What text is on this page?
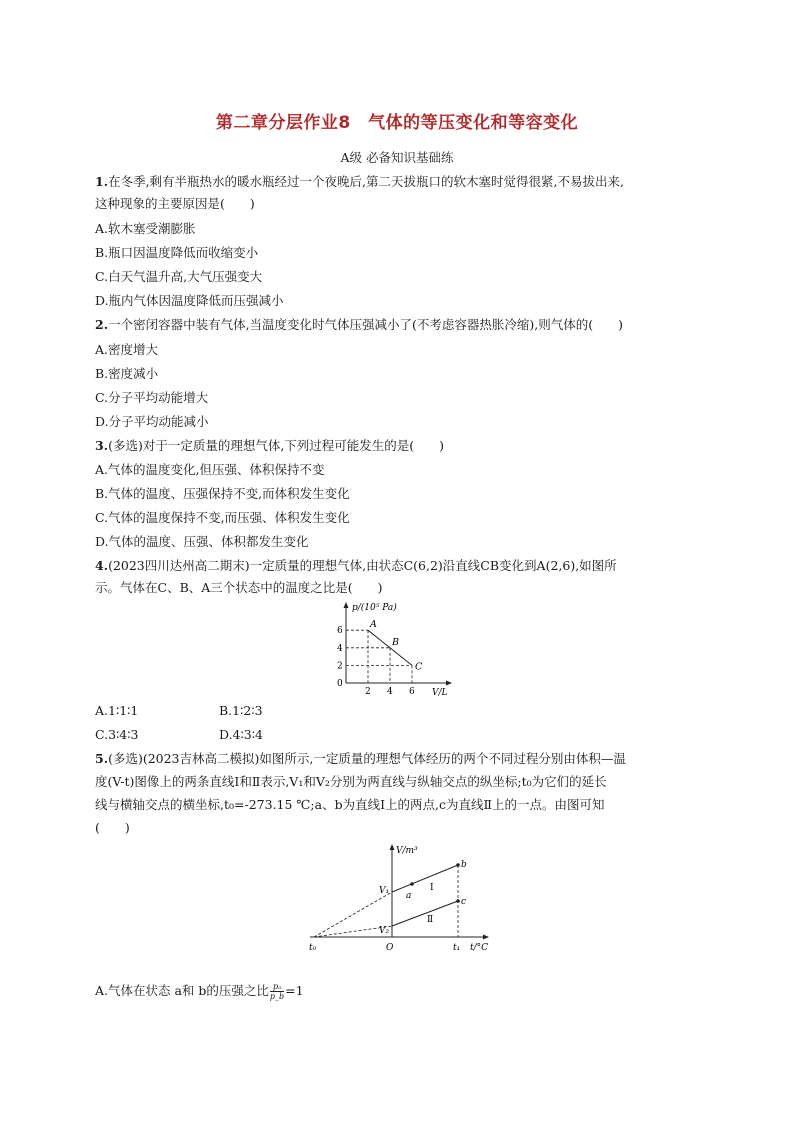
第二章分层作业8　气体的等压变化和等容变化
A级 必备知识基础练
1.在冬季,剩有半瓶热水的暖水瓶经过一个夜晚后,第二天拔瓶口的软木塞时觉得很紧,不易拔出来,
这种现象的主要原因是(　　)
A.软木塞受潮膨胀
B.瓶口因温度降低而收缩变小
C.白天气温升高,大气压强变大
D.瓶内气体因温度降低而压强减小
2.一个密闭容器中装有气体,当温度变化时气体压强减小了(不考虑容器热胀冷缩),则气体的(　　)
A.密度增大
B.密度减小
C.分子平均动能增大
D.分子平均动能减小
3.(多选)对于一定质量的理想气体,下列过程可能发生的是(　　)
A.气体的温度变化,但压强、体积保持不变
B.气体的温度、压强保持不变,而体积发生变化
C.气体的温度保持不变,而压强、体积发生变化
D.气体的温度、压强、体积都发生变化
4.(2023四川达州高二期末)一定质量的理想气体,由状态C(6,2)沿直线CB变化到A(2,6),如图所
示。气体在C、B、A三个状态中的温度之比是(　　)
p/(10⁵ Pa)
V/L
0
2 4 6
2
4
6
A
B
C
A.1∶1∶1	B.1∶2∶3
C.3∶4∶3	D.4∶3∶4
5.(多选)(2023吉林高二模拟)如图所示,一定质量的理想气体经历的两个不同过程分别由体积—温
度(V-t)图像上的两条直线Ⅰ和Ⅱ表示,V₁和V₂分别为两直线与纵轴交点的纵坐标;t₀为它们的延长
线与横轴交点的横坐标,t₀=-273.15 ℃;a、b为直线Ⅰ上的两点,c为直线Ⅱ上的一点。由图可知
(　　)
V/m³
t/°C
O
t₀	t₁
V₁
V₂
Ⅰ
Ⅱ
a
b
c
A.气体在状态 a和 b的压强之比 $\frac{\text{pₐ}}{p\_b} =1$
